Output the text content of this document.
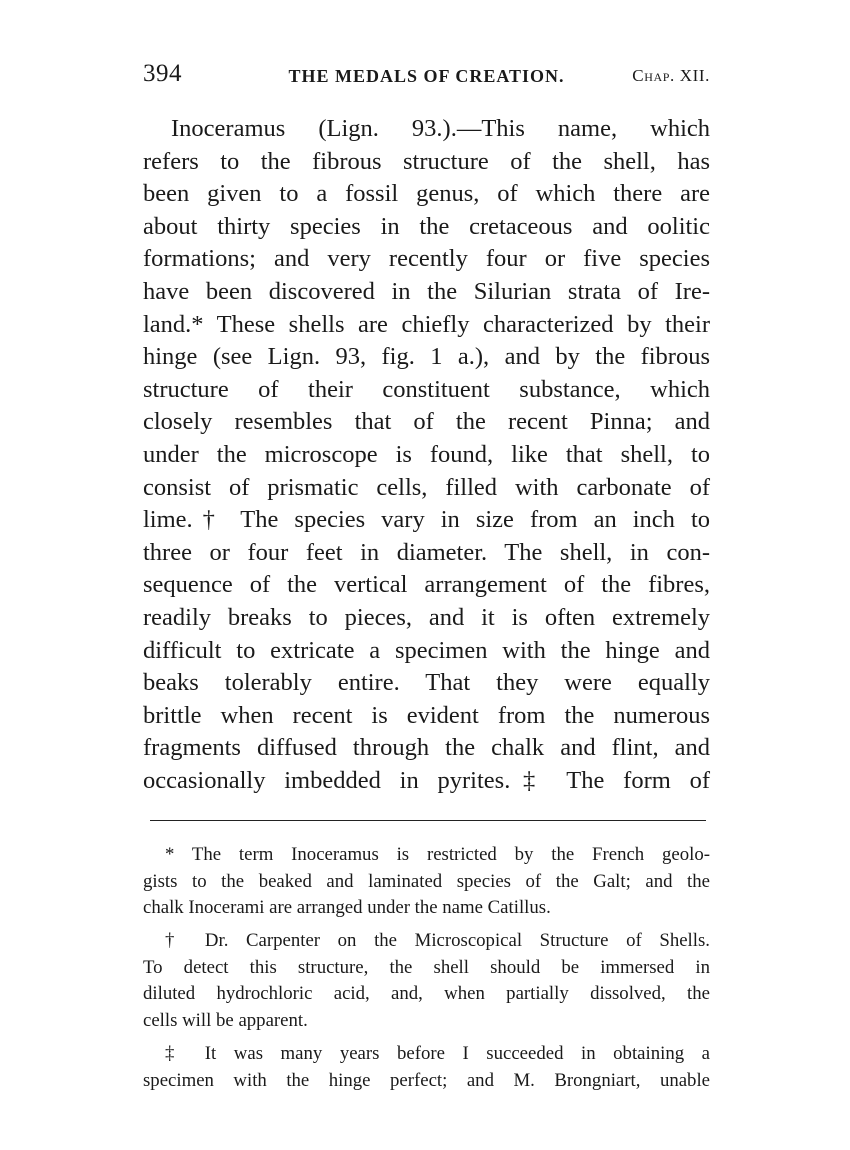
394	THE MEDALS OF CREATION.	Chap. XII.
Inoceramus (Lign. 93.).—This name, which
refers to the fibrous structure of the shell, has
been given to a fossil genus, of which there are
about thirty species in the cretaceous and oolitic
formations; and very recently four or five species
have been discovered in the Silurian strata of Ire-
land.* These shells are chiefly characterized by their
hinge (see Lign. 93, fig. 1 a.), and by the fibrous
structure of their constituent substance, which
closely resembles that of the recent Pinna; and
under the microscope is found, like that shell, to
consist of prismatic cells, filled with carbonate of
lime.† The species vary in size from an inch to
three or four feet in diameter. The shell, in con-
sequence of the vertical arrangement of the fibres,
readily breaks to pieces, and it is often extremely
difficult to extricate a specimen with the hinge and
beaks tolerably entire. That they were equally
brittle when recent is evident from the numerous
fragments diffused through the chalk and flint, and
occasionally imbedded in pyrites.‡ The form of
* The term Inoceramus is restricted by the French geolo-
gists to the beaked and laminated species of the Galt; and the
chalk Inocerami are arranged under the name Catillus.
† Dr. Carpenter on the Microscopical Structure of Shells.
To detect this structure, the shell should be immersed in
diluted hydrochloric acid, and, when partially dissolved, the
cells will be apparent.
‡ It was many years before I succeeded in obtaining a
specimen with the hinge perfect; and M. Brongniart, unable
